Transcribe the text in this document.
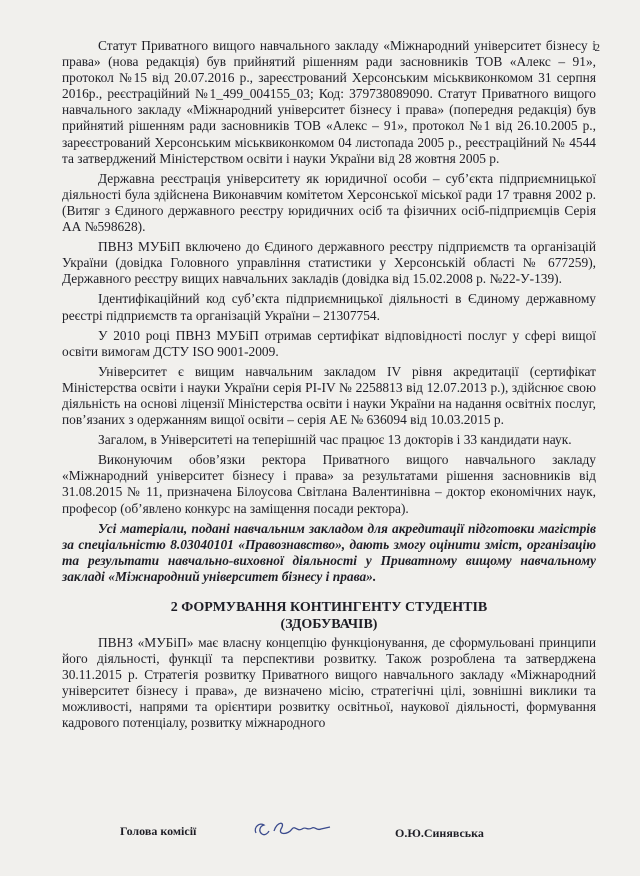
2

Статут Приватного вищого навчального закладу «Міжнародний університет бізнесу і права» (нова редакція) був прийнятий рішенням ради засновників ТОВ «Алекс – 91», протокол №15 від 20.07.2016 р., зареєстрований Херсонським міськвиконкомом 31 серпня 2016р., реєстраційний №1_499_004155_03; Код: 379738089090. Статут Приватного вищого навчального закладу «Міжнародний університет бізнесу і права» (попередня редакція) був прийнятий рішенням ради засновників ТОВ «Алекс – 91», протокол №1 від 26.10.2005 р., зареєстрований Херсонським міськвиконкомом 04 листопада 2005 р., реєстраційний № 4544 та затверджений Міністерством освіти і науки України від 28 жовтня 2005 р.

Державна реєстрація університету як юридичної особи – суб’єкта підприємницької діяльності була здійснена Виконавчим комітетом Херсонської міської ради 17 травня 2002 р. (Витяг з Єдиного державного реєстру юридичних осіб та фізичних осіб-підприємців Серія АА №598628).

ПВНЗ МУБіП включено до Єдиного державного реєстру підприємств та організацій України (довідка Головного управління статистики у Херсонській області № 677259), Державного реєстру вищих навчальних закладів (довідка від 15.02.2008 р. №22-У-139).

Ідентифікаційний код суб’єкта підприємницької діяльності в Єдиному державному реєстрі підприємств та організацій України – 21307754.

У 2010 році ПВНЗ МУБіП отримав сертифікат відповідності послуг у сфері вищої освіти вимогам ДСТУ ISO 9001-2009.

Університет є вищим навчальним закладом IV рівня акредитації (сертифікат Міністерства освіти і науки України серія РІ-IV № 2258813 від 12.07.2013 р.), здійснює свою діяльність на основі ліцензії Міністерства освіти і науки України на надання освітніх послуг, пов’язаних з одержанням вищої освіти – серія АЕ № 636094 від 10.03.2015 р.

Загалом, в Університеті на теперішній час працює 13 докторів і 33 кандидати наук.

Виконуючим обов’язки ректора Приватного вищого навчального закладу «Міжнародний університет бізнесу і права» за результатами рішення засновників від 31.08.2015 № 11, призначена Білоусова Світлана Валентинівна – доктор економічних наук, професор (об’явлено конкурс на заміщення посади ректора).

Усі матеріали, подані навчальним закладом для акредитації підготовки магістрів за спеціальністю 8.03040101 «Правознавство», дають змогу оцінити зміст, організацію та результати навчально-виховної діяльності у Приватному вищому навчальному закладі «Міжнародний університет бізнесу і права».

2 ФОРМУВАННЯ КОНТИНГЕНТУ СТУДЕНТІВ
(ЗДОБУВАЧІВ)

ПВНЗ «МУБіП» має власну концепцію функціонування, де сформульовані принципи його діяльності, функції та перспективи розвитку. Також розроблена та затверджена 30.11.2015 р. Стратегія розвитку Приватного вищого навчального закладу «Міжнародний університет бізнесу і права», де визначено місію, стратегічні цілі, зовнішні виклики та можливості, напрями та орієнтири розвитку освітньої, наукової діяльності, формування кадрового потенціалу, розвитку міжнародного

Голова комісії	О.Ю.Синявська
